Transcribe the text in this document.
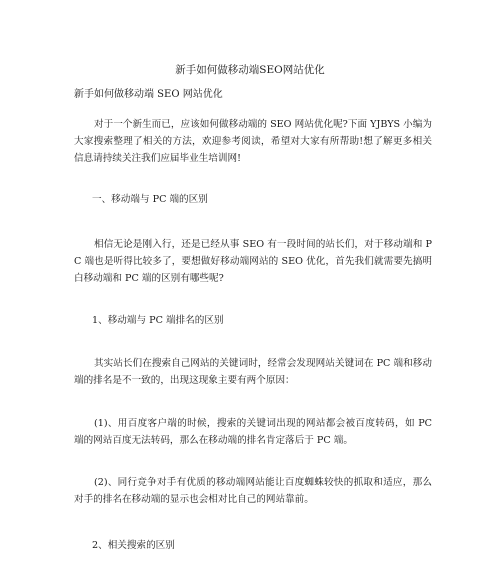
新手如何做移动端SEO网站优化
新手如何做移动端 SEO 网站优化
对于一个新生而已，应该如何做移动端的 SEO 网站优化呢?下面 YJBYS 小编为大家搜索整理了相关的方法，欢迎参考阅读，希望对大家有所帮助!想了解更多相关信息请持续关注我们应届毕业生培训网!
一、移动端与 PC 端的区别
相信无论是刚入行，还是已经从事 SEO 有一段时间的站长们，对于移动端和 PC 端也是听得比较多了，要想做好移动端网站的 SEO 优化，首先我们就需要先搞明白移动端和 PC 端的区别有哪些呢?
1、移动端与 PC 端排名的区别
其实站长们在搜索自己网站的关键词时，经常会发现网站关键词在 PC 端和移动端的排名是不一致的，出现这现象主要有两个原因：
(1)、用百度客户端的时候，搜索的关键词出现的网站都会被百度转码，如 PC 端的网站百度无法转码，那么在移动端的排名肯定落后于 PC 端。
(2)、同行竞争对手有优质的移动端网站能让百度蜘蛛较快的抓取和适应，那么对手的排名在移动端的显示也会相对比自己的网站靠前。
2、相关搜索的区别
